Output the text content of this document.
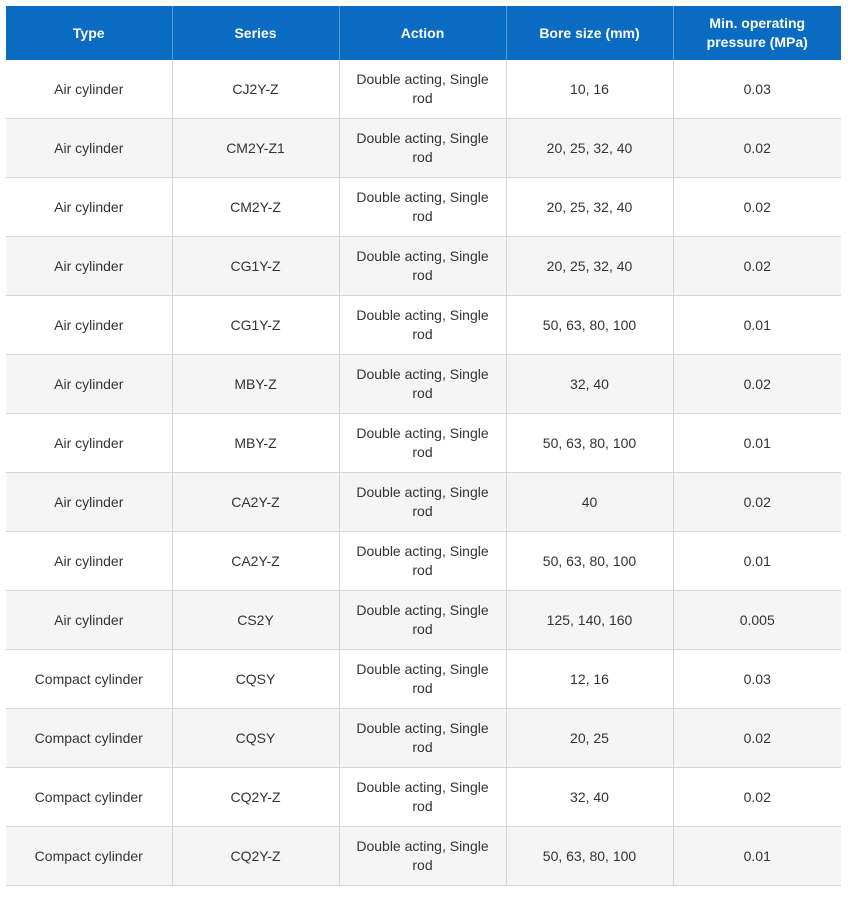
Type	Series	Action	Bore size (mm)	Min. operating pressure (MPa)
Air cylinder	CJ2Y-Z	Double acting, Single rod	10, 16	0.03
Air cylinder	CM2Y-Z1	Double acting, Single rod	20, 25, 32, 40	0.02
Air cylinder	CM2Y-Z	Double acting, Single rod	20, 25, 32, 40	0.02
Air cylinder	CG1Y-Z	Double acting, Single rod	20, 25, 32, 40	0.02
Air cylinder	CG1Y-Z	Double acting, Single rod	50, 63, 80, 100	0.01
Air cylinder	MBY-Z	Double acting, Single rod	32, 40	0.02
Air cylinder	MBY-Z	Double acting, Single rod	50, 63, 80, 100	0.01
Air cylinder	CA2Y-Z	Double acting, Single rod	40	0.02
Air cylinder	CA2Y-Z	Double acting, Single rod	50, 63, 80, 100	0.01
Air cylinder	CS2Y	Double acting, Single rod	125, 140, 160	0.005
Compact cylinder	CQSY	Double acting, Single rod	12, 16	0.03
Compact cylinder	CQSY	Double acting, Single rod	20, 25	0.02
Compact cylinder	CQ2Y-Z	Double acting, Single rod	32, 40	0.02
Compact cylinder	CQ2Y-Z	Double acting, Single rod	50, 63, 80, 100	0.01
